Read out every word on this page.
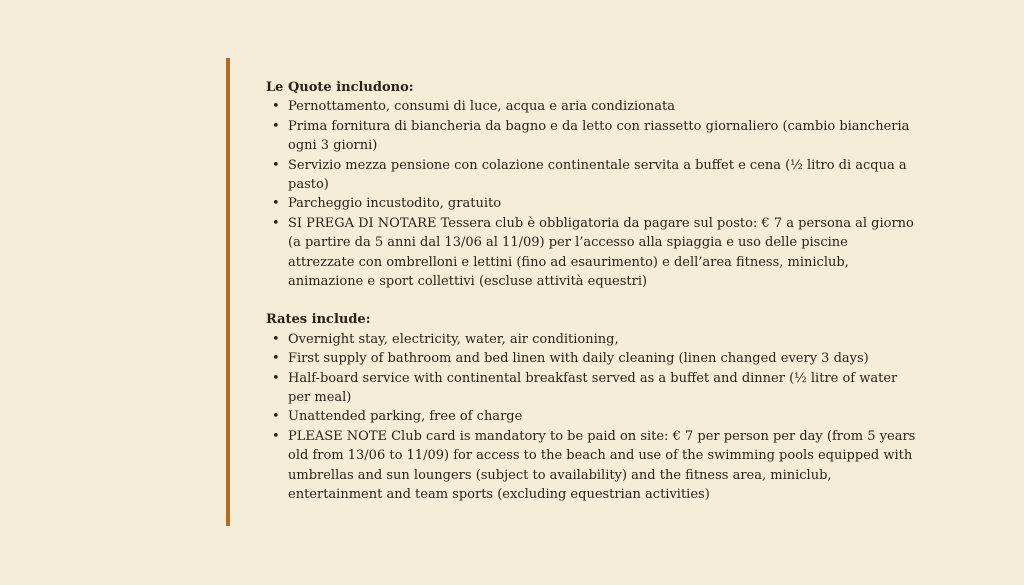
Le Quote includono:

• Pernottamento, consumi di luce, acqua e aria condizionata
• Prima fornitura di biancheria da bagno e da letto con riassetto giornaliero (cambio biancheria ogni 3 giorni)
• Servizio mezza pensione con colazione continentale servita a buffet e cena (½ litro di acqua a pasto)
• Parcheggio incustodito, gratuito
• SI PREGA DI NOTARE Tessera club è obbligatoria da pagare sul posto: € 7 a persona al giorno (a partire da 5 anni dal 13/06 al 11/09) per l’accesso alla spiaggia e uso delle piscine attrezzate con ombrelloni e lettini (fino ad esaurimento) e dell’area fitness, miniclub, animazione e sport collettivi (escluse attività equestri)

Rates include:

• Overnight stay, electricity, water, air conditioning,
• First supply of bathroom and bed linen with daily cleaning (linen changed every 3 days)
• Half-board service with continental breakfast served as a buffet and dinner (½ litre of water per meal)
• Unattended parking, free of charge
• PLEASE NOTE Club card is mandatory to be paid on site: € 7 per person per day (from 5 years old from 13/06 to 11/09) for access to the beach and use of the swimming pools equipped with umbrellas and sun loungers (subject to availability) and the fitness area, miniclub, entertainment and team sports (excluding equestrian activities)
